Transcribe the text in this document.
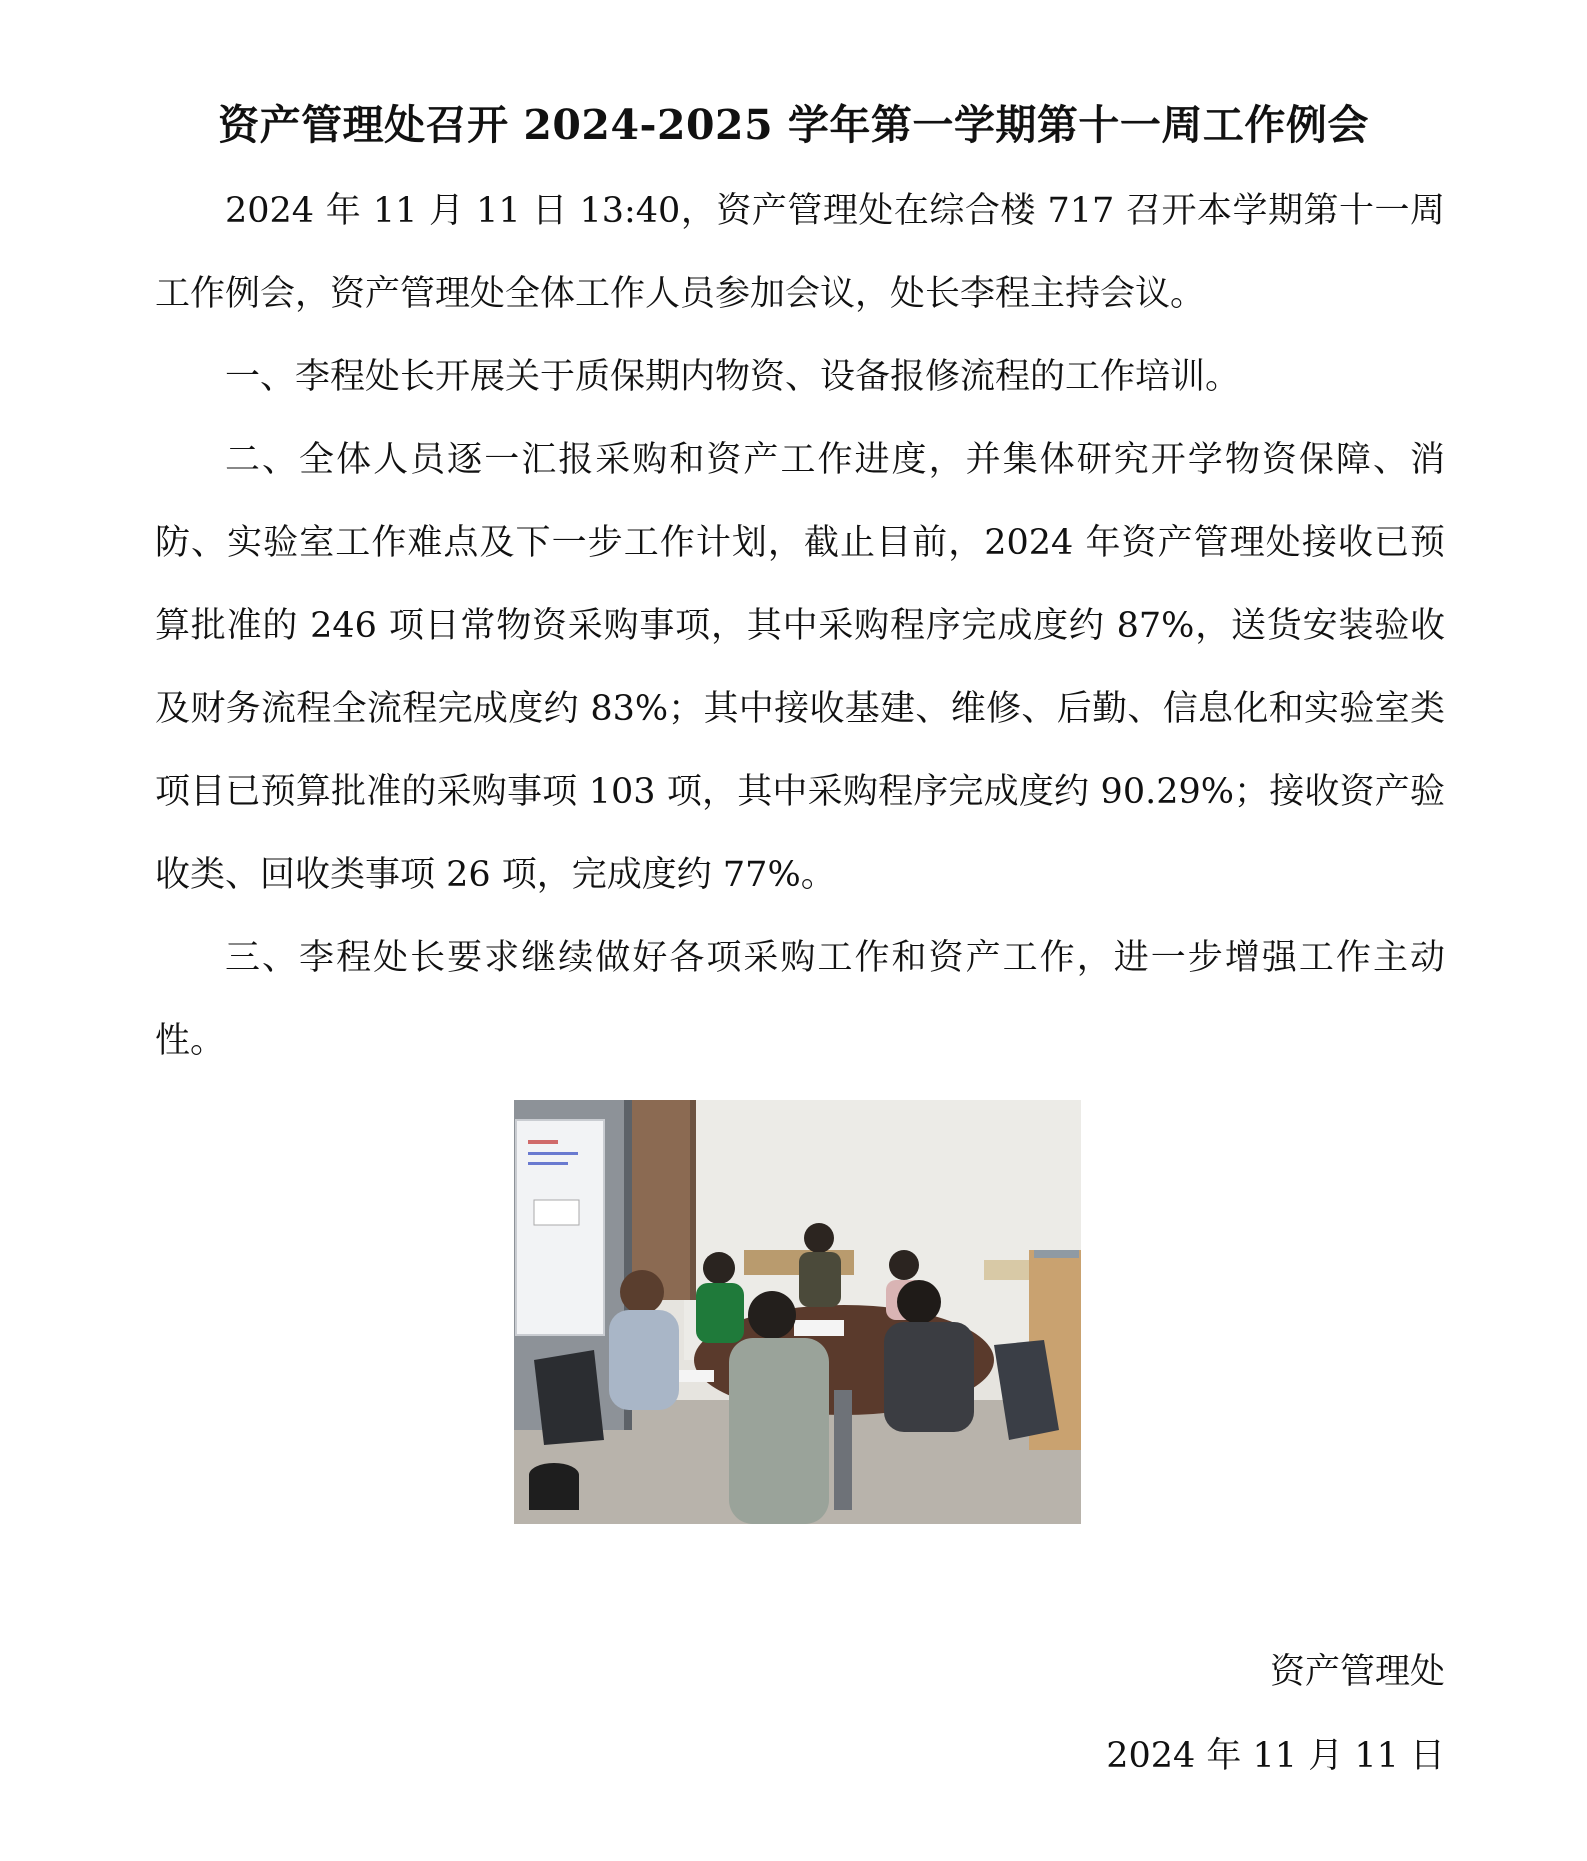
资产管理处召开 2024-2025 学年第一学期第十一周工作例会

2024 年 11 月 11 日 13:40，资产管理处在综合楼 717 召开本学期第十一周工作例会，资产管理处全体工作人员参加会议，处长李程主持会议。

一、李程处长开展关于质保期内物资、设备报修流程的工作培训。

二、全体人员逐一汇报采购和资产工作进度，并集体研究开学物资保障、消防、实验室工作难点及下一步工作计划，截止目前，2024 年资产管理处接收已预算批准的 246 项日常物资采购事项，其中采购程序完成度约 87%，送货安装验收及财务流程全流程完成度约 83%；其中接收基建、维修、后勤、信息化和实验室类项目已预算批准的采购事项 103 项，其中采购程序完成度约 90.29%；接收资产验收类、回收类事项 26 项，完成度约 77%。

三、李程处长要求继续做好各项采购工作和资产工作，进一步增强工作主动性。

资产管理处
2024 年 11 月 11 日
